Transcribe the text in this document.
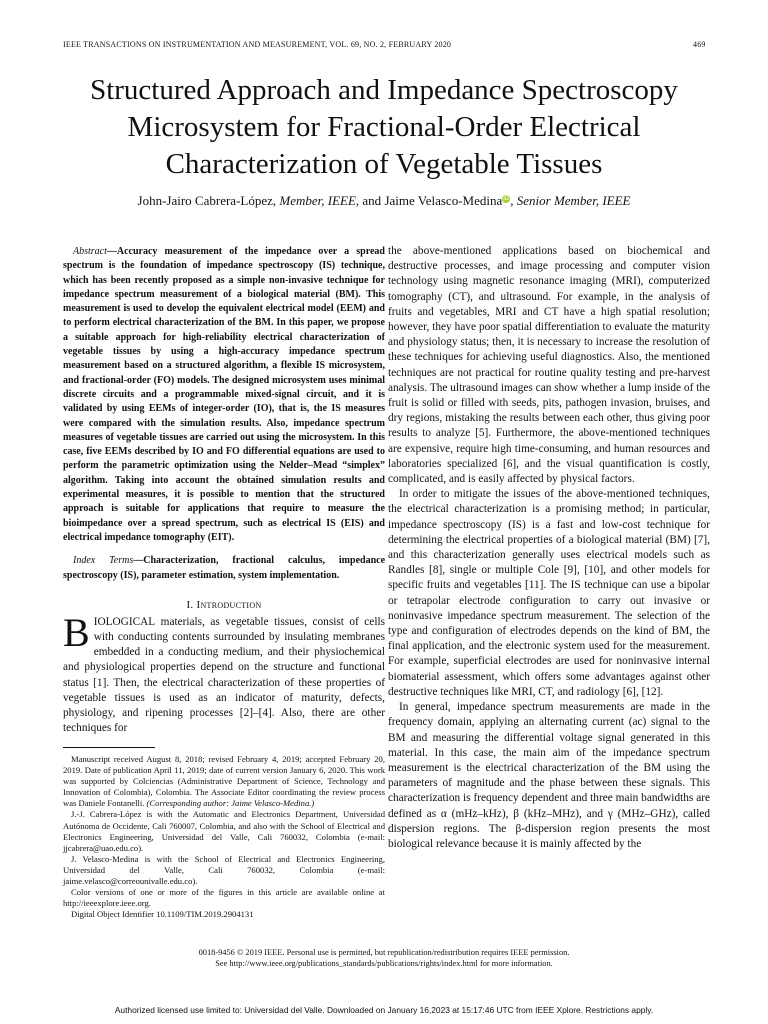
IEEE TRANSACTIONS ON INSTRUMENTATION AND MEASUREMENT, VOL. 69, NO. 2, FEBRUARY 2020	469
Structured Approach and Impedance Spectroscopy
Microsystem for Fractional-Order Electrical
Characterization of Vegetable Tissues
John-Jairo Cabrera-López, Member, IEEE, and Jaime Velasco-MedinaiD, Senior Member, IEEE

Abstract—Accuracy measurement of the impedance over a spread spectrum is the foundation of impedance spectroscopy (IS) technique, which has been recently proposed as a simple non-invasive technique for impedance spectrum measurement of a biological material (BM). This measurement is used to develop the equivalent electrical model (EEM) and to perform electrical characterization of the BM. In this paper, we propose a suitable approach for high-reliability electrical characterization of vegetable tissues by using a high-accuracy impedance spectrum measurement based on a structured algorithm, a flexible IS microsystem, and fractional-order (FO) models. The designed microsystem uses minimal discrete circuits and a programmable mixed-signal circuit, and it is validated by using EEMs of integer-order (IO), that is, the IS measures were compared with the simulation results. Also, impedance spectrum measures of vegetable tissues are carried out using the microsystem. In this case, five EEMs described by IO and FO differential equations are used to perform the parametric optimization using the Nelder–Mead “simplex” algorithm. Taking into account the obtained simulation results and experimental measures, it is possible to mention that the structured approach is suitable for applications that require to measure the bioimpedance over a spread spectrum, such as electrical IS (EIS) and electrical impedance tomography (EIT).

Index Terms—Characterization, fractional calculus, impedance spectroscopy (IS), parameter estimation, system implementation.

I. Introduction

BIOLOGICAL materials, as vegetable tissues, consist of cells with conducting contents surrounded by insulating membranes embedded in a conducting medium, and their physiochemical and physiological properties depend on the structure and functional status [1]. Then, the electrical characterization of these properties of vegetable tissues is used as an indicator of maturity, defects, physiology, and ripening processes [2]–[4]. Also, there are other techniques for

the above-mentioned applications based on biochemical and destructive processes, and image processing and computer vision technology using magnetic resonance imaging (MRI), computerized tomography (CT), and ultrasound. For example, in the analysis of fruits and vegetables, MRI and CT have a high spatial resolution; however, they have poor spatial differentiation to evaluate the maturity and physiology status; then, it is necessary to increase the resolution of these techniques for achieving useful diagnostics. Also, the mentioned techniques are not practical for routine quality testing and pre-harvest analysis. The ultrasound images can show whether a lump inside of the fruit is solid or filled with seeds, pits, pathogen invasion, bruises, and dry regions, mistaking the results between each other, thus giving poor results to analyze [5]. Furthermore, the above-mentioned techniques are expensive, require high time-consuming, and human resources and laboratories specialized [6], and the visual quantification is costly, complicated, and is easily affected by physical factors.

In order to mitigate the issues of the above-mentioned techniques, the electrical characterization is a promising method; in particular, impedance spectroscopy (IS) is a fast and low-cost technique for determining the electrical properties of a biological material (BM) [7], and this characterization generally uses electrical models such as Randles [8], single or multiple Cole [9], [10], and other models for specific fruits and vegetables [11]. The IS technique can use a bipolar or tetrapolar electrode configuration to carry out invasive or noninvasive impedance spectrum measurement. The selection of the type and configuration of electrodes depends on the kind of BM, the final application, and the electronic system used for the measurement. For example, superficial electrodes are used for noninvasive internal biomaterial assessment, which offers some advantages against other destructive techniques like MRI, CT, and radiology [6], [12].

In general, impedance spectrum measurements are made in the frequency domain, applying an alternating current (ac) signal to the BM and measuring the differential voltage signal generated in this material. In this case, the main aim of the impedance spectrum measurement is the electrical characterization of the BM using the parameters of magnitude and the phase between these signals. This characterization is frequency dependent and three main bandwidths are defined as α (mHz–kHz), β (kHz–MHz), and γ (MHz–GHz), called dispersion regions. The β-dispersion region presents the most biological relevance because it is mainly affected by the

Manuscript received August 8, 2018; revised February 4, 2019; accepted February 20, 2019. Date of publication April 11, 2019; date of current version January 6, 2020. This work was supported by Colciencias (Administrative Department of Science, Technology and Innovation of Colombia), Colombia. The Associate Editor coordinating the review process was Daniele Fontanelli. (Corresponding author: Jaime Velasco-Medina.)

J.-J. Cabrera-López is with the Automatic and Electronics Department, Universidad Autónoma de Occidente, Cali 760007, Colombia, and also with the School of Electrical and Electronics Engineering, Universidad del Valle, Cali 760032, Colombia (e-mail: jjcabrera@uao.edu.co).

J. Velasco-Medina is with the School of Electrical and Electronics Engineering, Universidad del Valle, Cali 760032, Colombia (e-mail: jaime.velasco@correounivalle.edu.co).

Color versions of one or more of the figures in this article are available online at http://ieeexplore.ieee.org.

Digital Object Identifier 10.1109/TIM.2019.2904131

0018-9456 © 2019 IEEE. Personal use is permitted, but republication/redistribution requires IEEE permission.
See http://www.ieee.org/publications_standards/publications/rights/index.html for more information.
Authorized licensed use limited to: Universidad del Valle. Downloaded on January 16,2023 at 15:17:46 UTC from IEEE Xplore. Restrictions apply.
